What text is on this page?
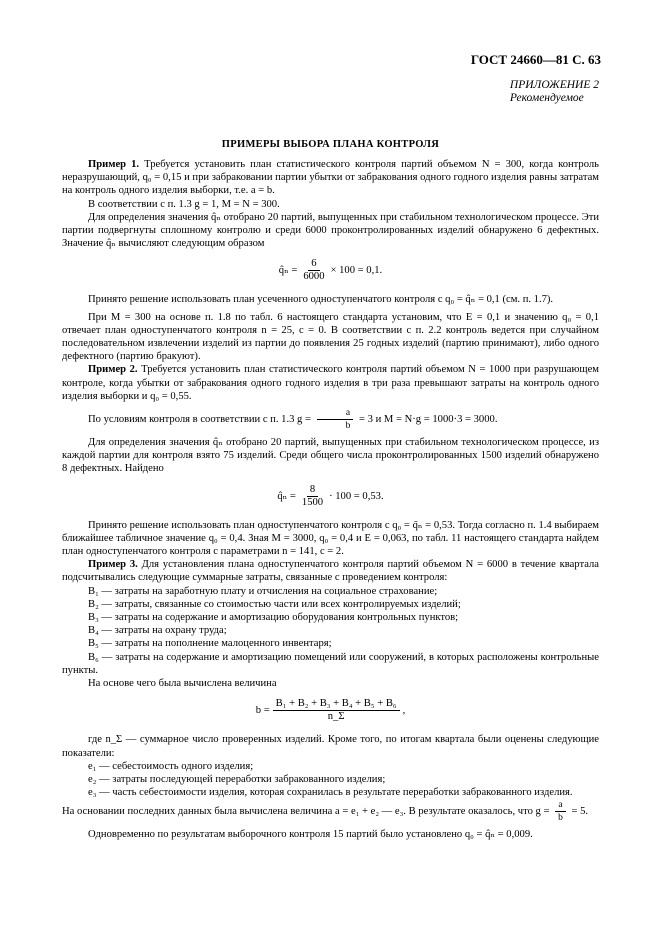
ГОСТ 24660—81 С. 63
ПРИЛОЖЕНИЕ 2
Рекомендуемое
ПРИМЕРЫ ВЫБОРА ПЛАНА КОНТРОЛЯ

Пример 1. Требуется установить план статистического контроля партий объемом N = 300, когда контроль неразрушающий, q₀ = 0,15 и при забраковании партии убытки от забракования одного годного изделия равны затратам на контроль одного изделия выборки, т.е. a = b.

В соответствии с п. 1.3 g = 1, M = N = 300.

Для определения значения q̂ₙ отобрано 20 партий, выпущенных при стабильном технологическом процессе. Эти партии подвергнуты сплошному контролю и среди 6000 проконтролированных изделий обнаружено 6 дефектных. Значение q̂ₙ вычисляют следующим образом

q̂ₙ = $\frac{6}{6000} \times 100 = 0,1$.

Принято решение использовать план усеченного одноступенчатого контроля с q₀ = q̂ₙ = 0,1 (см. п. 1.7).

При M = 300 на основе п. 1.8 по табл. 6 настоящего стандарта установим, что E = 0,1 и значению q₀ = 0,1 отвечает план одноступенчатого контроля n = 25, c = 0. В соответствии с п. 2.2 контроль ведется при случайном последовательном извлечении изделий из партии до появления 25 годных изделий (партию принимают), либо одного дефектного (партию бракуют).

Пример 2. Требуется установить план статистического контроля партий объемом N = 1000 при разрушающем контроле, когда убытки от забракования одного годного изделия в три раза превышают затраты на контроль одного изделия выборки и q₀ = 0,55.

По условиям контроля в соответствии с п. 1.3 $g = \frac{a}{b} = 3$ и M = N·g = 1000·3 = 3000.

Для определения значения q̂ₙ отобрано 20 партий, выпущенных при стабильном технологическом процессе, из каждой партии для контроля взято 75 изделий. Среди общего числа проконтролированных 1500 изделий обнаружено 8 дефектных. Найдено

q̂ₙ = $\frac{8}{1500} \cdot 100 = 0,53$.

Принято решение использовать план одноступенчатого контроля с q₀ = q̃ₙ = 0,53. Тогда согласно п. 1.4 выбираем ближайшее табличное значение q₀ = 0,4. Зная M = 3000, q₀ = 0,4 и E = 0,063, по табл. 11 настоящего стандарта найдем план одноступенчатого контроля с параметрами n = 141, c = 2.

Пример 3. Для установления плана одноступенчатого контроля партий объемом N = 6000 в течение квартала подсчитывались следующие суммарные затраты, связанные с проведением контроля:

B₁ — затраты на заработную плату и отчисления на социальное страхование;

B₂ — затраты, связанные со стоимостью части или всех контролируемых изделий;

B₃ — затраты на содержание и амортизацию оборудования контрольных пунктов;

B₄ — затраты на охрану труда;

B₅ — затраты на пополнение малоценного инвентаря;

B₆ — затраты на содержание и амортизацию помещений или сооружений, в которых расположены контрольные пункты.

На основе чего была вычислена величина

$b = \frac{\text{B₁ + B₂ + B₃ + B₄ + B₅ + B₆}}{n\_\Sigma}$ ,

где n_Σ — суммарное число проверенных изделий. Кроме того, по итогам квартала были оценены следующие показатели:

e₁ — себестоимость одного изделия;

e₂ — затраты последующей переработки забракованного изделия;

e₃ — часть себестоимости изделия, которая сохранилась в результате переработки забракованного изделия.

На основании последних данных была вычислена величина a = e₁ + e₂ — e₃. В результате оказалось, что $g = \frac{a}{b} = 5$.

Одновременно по результатам выборочного контроля 15 партий было установлено q₀ = q̂ₙ = 0,009.
